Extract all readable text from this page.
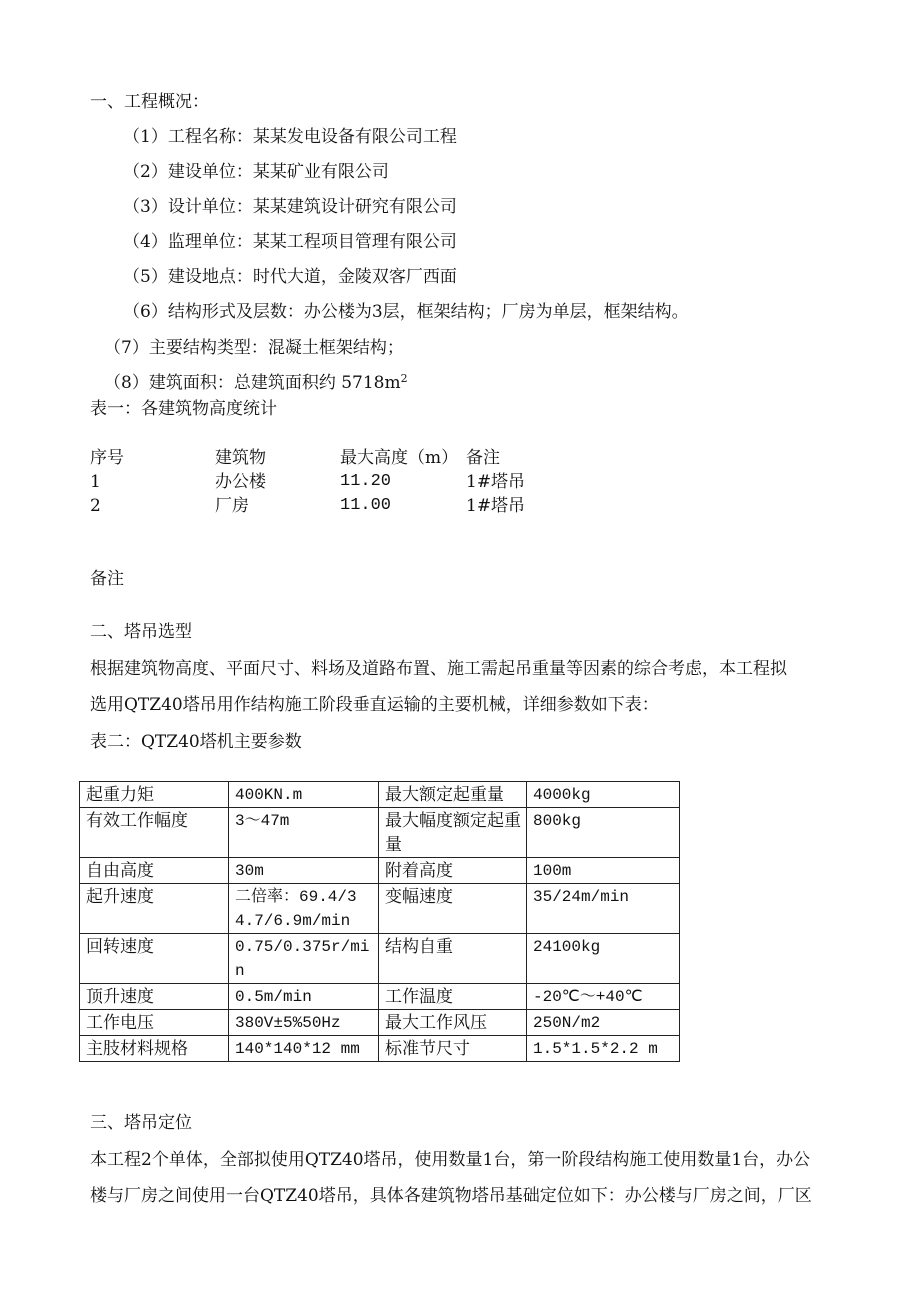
一、工程概况：
（1）工程名称：某某发电设备有限公司工程
（2）建设单位：某某矿业有限公司
（3）设计单位：某某建筑设计研究有限公司
（4）监理单位：某某工程项目管理有限公司
（5）建设地点：时代大道，金陵双客厂西面
（6）结构形式及层数：办公楼为3层，框架结构；厂房为单层，框架结构。
（7）主要结构类型：混凝土框架结构；
（8）建筑面积：总建筑面积约 $5718m^2$
表一：各建筑物高度统计
序号	建筑物	最大高度（m） 备注
1	办公楼	11.20	1#塔吊
2	厂房	11.00	1#塔吊
备注
二、塔吊选型
根据建筑物高度、平面尺寸、料场及道路布置、施工需起吊重量等因素的综合考虑，本工程拟
选用QTZ40塔吊用作结构施工阶段垂直运输的主要机械，详细参数如下表：
表二：QTZ40塔机主要参数
起重力矩	400KN.m	最大额定起重量	4000kg
有效工作幅度	3～47m	最大幅度额定起重量	800kg
自由高度	30m	附着高度	100m
起升速度	二倍率：69.4/34.7/6.9m/min	变幅速度	35/24m/min
回转速度	0.75/0.375r/min	结构自重	24100kg
顶升速度	0.5m/min	工作温度	-20℃～+40℃
工作电压	380V±5%50Hz	最大工作风压	250N/m2
主肢材料规格	140*140*12 mm	标准节尺寸	1.5*1.5*2.2 m
三、塔吊定位
本工程2个单体，全部拟使用QTZ40塔吊，使用数量1台，第一阶段结构施工使用数量1台，办公
楼与厂房之间使用一台QTZ40塔吊，具体各建筑物塔吊基础定位如下：办公楼与厂房之间，厂区
